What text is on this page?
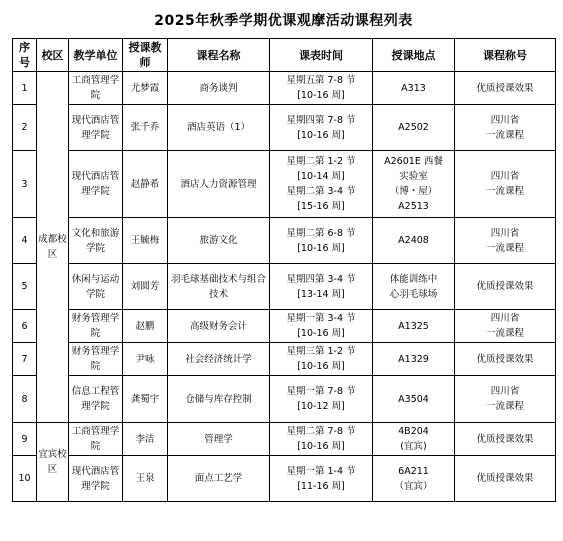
2025年秋季学期优课观摩活动课程列表
序号	校区	教学单位	授课教师	课程名称	课表时间	授课地点	课程称号
1	成都校区	工商管理学院	尤梦霞	商务谈判	星期五第 7-8 节
[10-16 周]	A313	优质授课效果

2		现代酒店管理学院	张千乔	酒店英语（1）	星期四第 7-8 节
[10-16 周]	A2502	四川省
一流课程

3		现代酒店管理学院	赵静希	酒店人力资源管理	星期二第 1-2 节
[10-14 周]
星期二第 3-4 节
[15-16 周]	A2601E 西餐
实验室
（博・屋）
A2513	四川省
一流课程

4		文化和旅游学院	王毓梅	旅游文化	星期二第 6-8 节
[10-16 周]	A2408	四川省
一流课程

5		休闲与运动学院	刘圆芳	羽毛球基础技术与组合技术	星期四第 3-4 节
[13-14 周]	体能训练中
心羽毛球场	优质授课效果

6		财务管理学院	赵鹏	高级财务会计	星期一第 3-4 节
[10-16 周]	A1325	四川省
一流课程

7		财务管理学院	尹咏	社会经济统计学	星期三第 1-2 节
[10-16 周]	A1329	优质授课效果

8		信息工程管理学院	龚蜀宇	仓储与库存控制	星期一第 7-8 节
[10-12 周]	A3504	四川省
一流课程

9	宜宾校区	工商管理学院	李洁	管理学	星期二第 7-8 节
[10-16 周]	4B204
(宜宾)	优质授课效果

10		现代酒店管理学院	王泉	面点工艺学	星期一第 1-4 节
[11-16 周]	6A211
（宜宾）	优质授课效果
